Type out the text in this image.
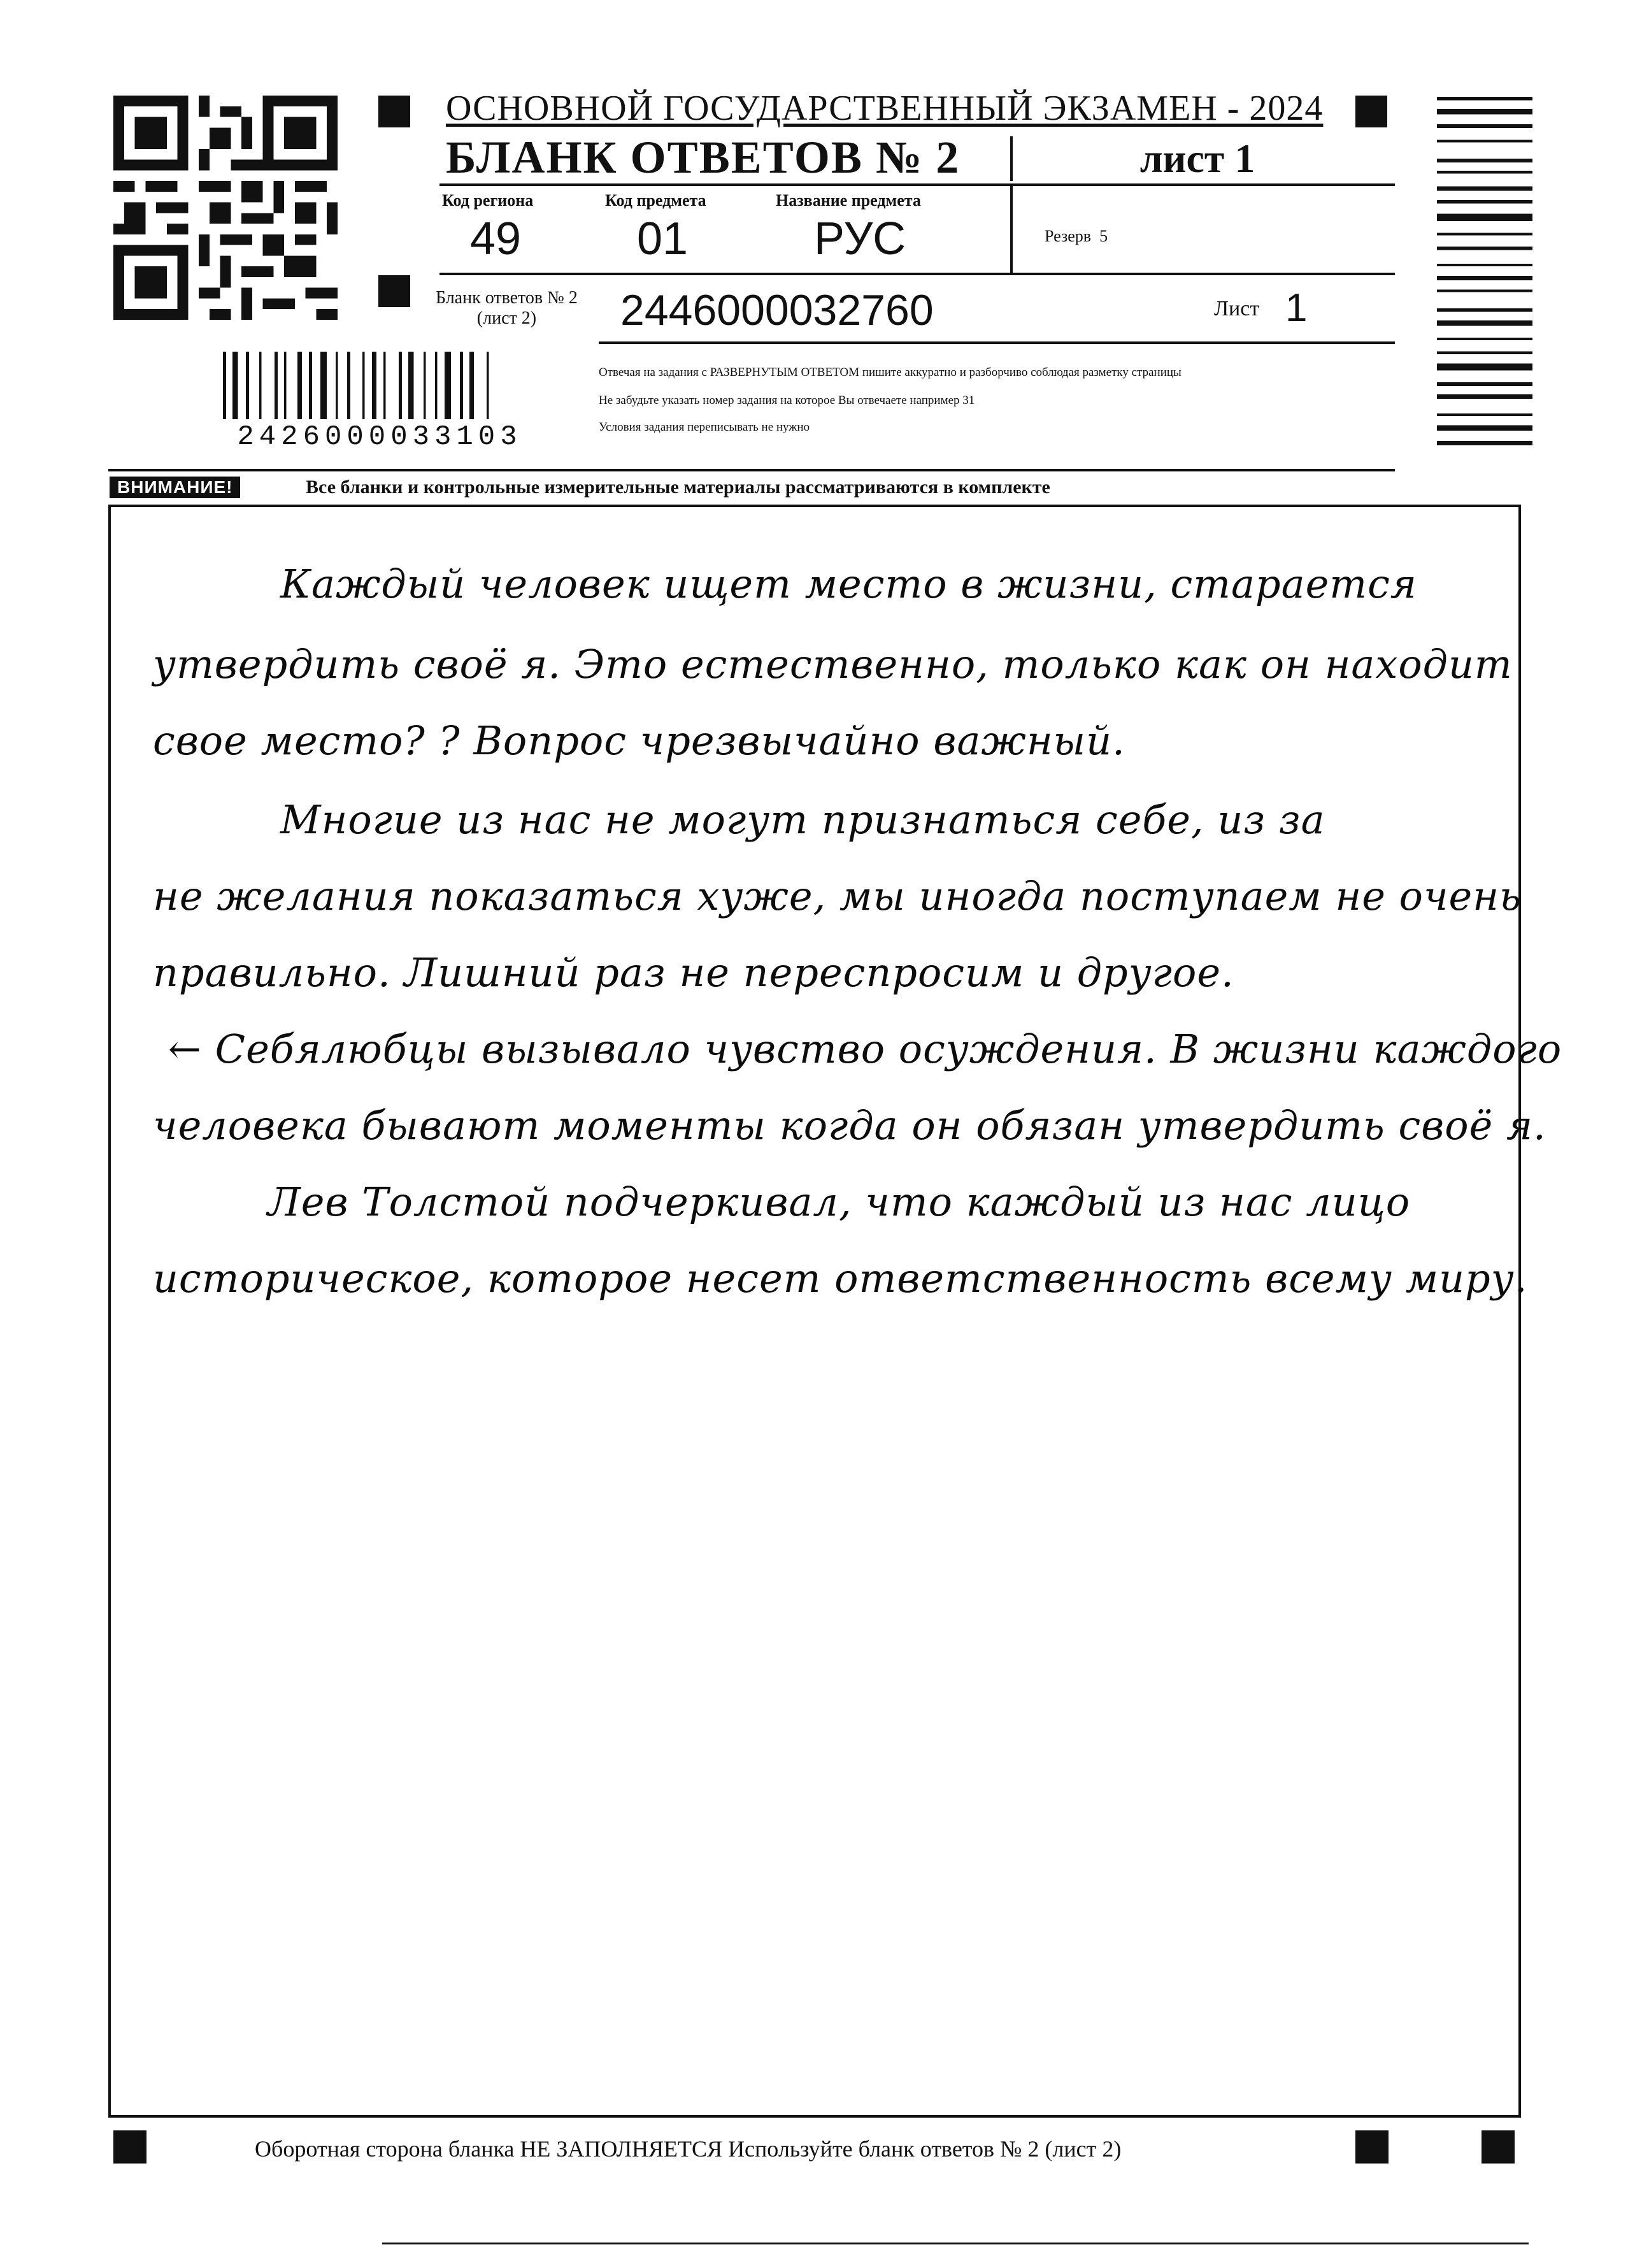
ОСНОВНОЙ ГОСУДАРСТВЕННЫЙ ЭКЗАМЕН - 2024
БЛАНК ОТВЕТОВ № 2	лист 1
Код региона
49
Код предмета
01
Название предмета
РУС	Резерв 5
Бланк ответов № 2
(лист 2)	2446000032760	Лист 1
Отвечая на задания с РАЗВЕРНУТЫМ ОТВЕТОМ пишите аккуратно и разборчиво соблюдая разметку страницы
Не забудьте указать номер задания на которое Вы отвечаете например 31
Условия задания переписывать не нужно
2426000033103
ВНИМАНИЕ!	Все бланки и контрольные измерительные материалы рассматриваются в комплекте
Каждый человек ищет место в жизни, старается
утвердить своё я. Это естественно, только как он находит
свое место? ? Вопрос чрезвычайно важный.
Многие из нас не могут признаться себе, из за
не желания показаться хуже, мы иногда поступаем не очень
правильно. Лишний раз не переспросим и другое.
← Себялюбцы вызывало чувство осуждения. В жизни каждого
человека бывают моменты когда он обязан утвердить своё я.
Лев Толстой подчеркивал, что каждый из нас лицо
историческое, которое несет ответственность всему миру.
Оборотная сторона бланка НЕ ЗАПОЛНЯЕТСЯ Используйте бланк ответов № 2 (лист 2)
